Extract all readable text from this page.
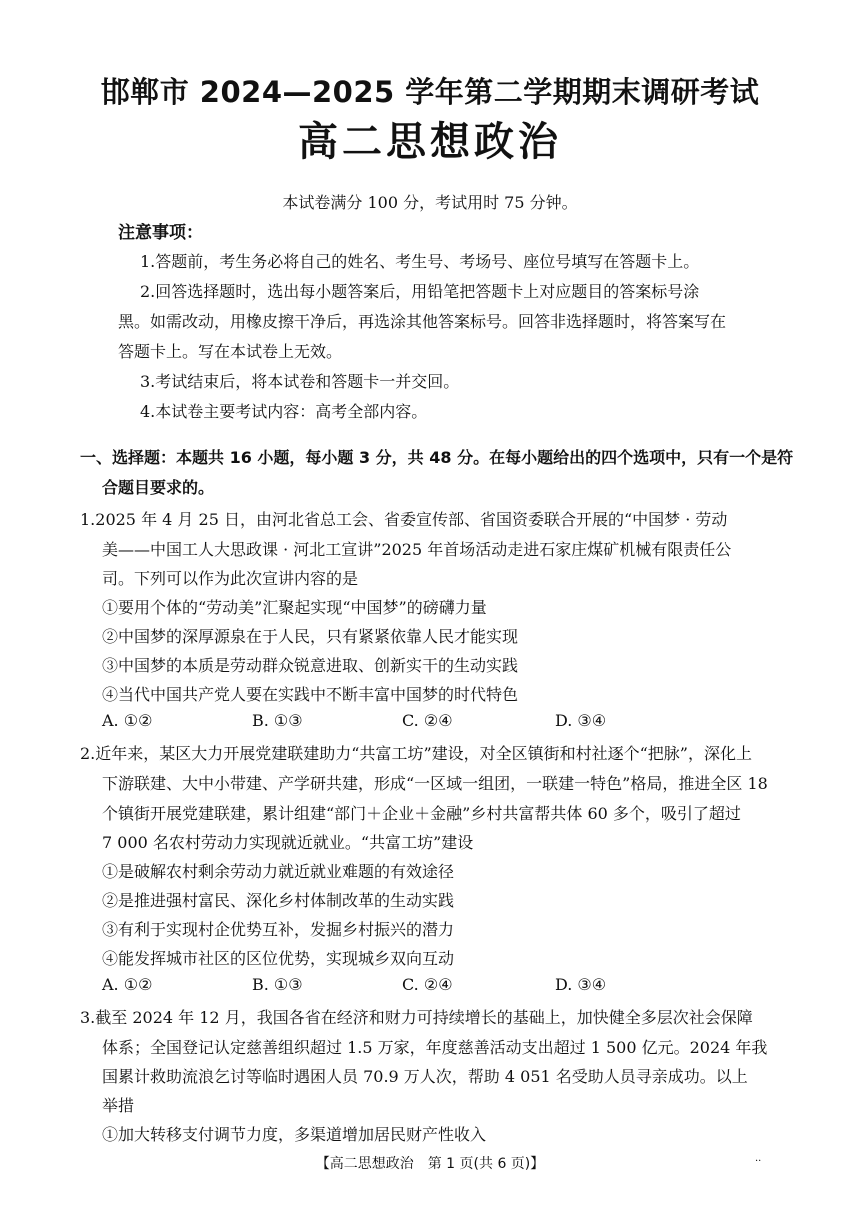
邯郸市 2024—2025 学年第二学期期末调研考试
高二思想政治
本试卷满分 100 分，考试用时 75 分钟。
注意事项：
1.答题前，考生务必将自己的姓名、考生号、考场号、座位号填写在答题卡上。
2.回答选择题时，选出每小题答案后，用铅笔把答题卡上对应题目的答案标号涂
黑。如需改动，用橡皮擦干净后，再选涂其他答案标号。回答非选择题时，将答案写在
答题卡上。写在本试卷上无效。
3.考试结束后，将本试卷和答题卡一并交回。
4.本试卷主要考试内容：高考全部内容。
一、选择题：本题共 16 小题，每小题 3 分，共 48 分。在每小题给出的四个选项中，只有一个是符
合题目要求的。
1.2025 年 4 月 25 日，由河北省总工会、省委宣传部、省国资委联合开展的“中国梦 · 劳动
美——中国工人大思政课 · 河北工宣讲”2025 年首场活动走进石家庄煤矿机械有限责任公
司。下列可以作为此次宣讲内容的是
①要用个体的“劳动美”汇聚起实现“中国梦”的磅礴力量
②中国梦的深厚源泉在于人民，只有紧紧依靠人民才能实现
③中国梦的本质是劳动群众锐意进取、创新实干的生动实践
④当代中国共产党人要在实践中不断丰富中国梦的时代特色
A. ①②	B. ①③	C. ②④	D. ③④
2.近年来，某区大力开展党建联建助力“共富工坊”建设，对全区镇街和村社逐个“把脉”，深化上
下游联建、大中小带建、产学研共建，形成“一区域一组团，一联建一特色”格局，推进全区 18
个镇街开展党建联建，累计组建“部门＋企业＋金融”乡村共富帮共体 60 多个，吸引了超过
7 000 名农村劳动力实现就近就业。“共富工坊”建设
①是破解农村剩余劳动力就近就业难题的有效途径
②是推进强村富民、深化乡村体制改革的生动实践
③有利于实现村企优势互补，发掘乡村振兴的潜力
④能发挥城市社区的区位优势，实现城乡双向互动
A. ①②	B. ①③	C. ②④	D. ③④
3.截至 2024 年 12 月，我国各省在经济和财力可持续增长的基础上，加快健全多层次社会保障
体系；全国登记认定慈善组织超过 1.5 万家，年度慈善活动支出超过 1 500 亿元。2024 年我
国累计救助流浪乞讨等临时遇困人员 70.9 万人次，帮助 4 051 名受助人员寻亲成功。以上
举措
①加大转移支付调节力度，多渠道增加居民财产性收入
【高二思想政治　第 1 页(共 6 页)】	··
